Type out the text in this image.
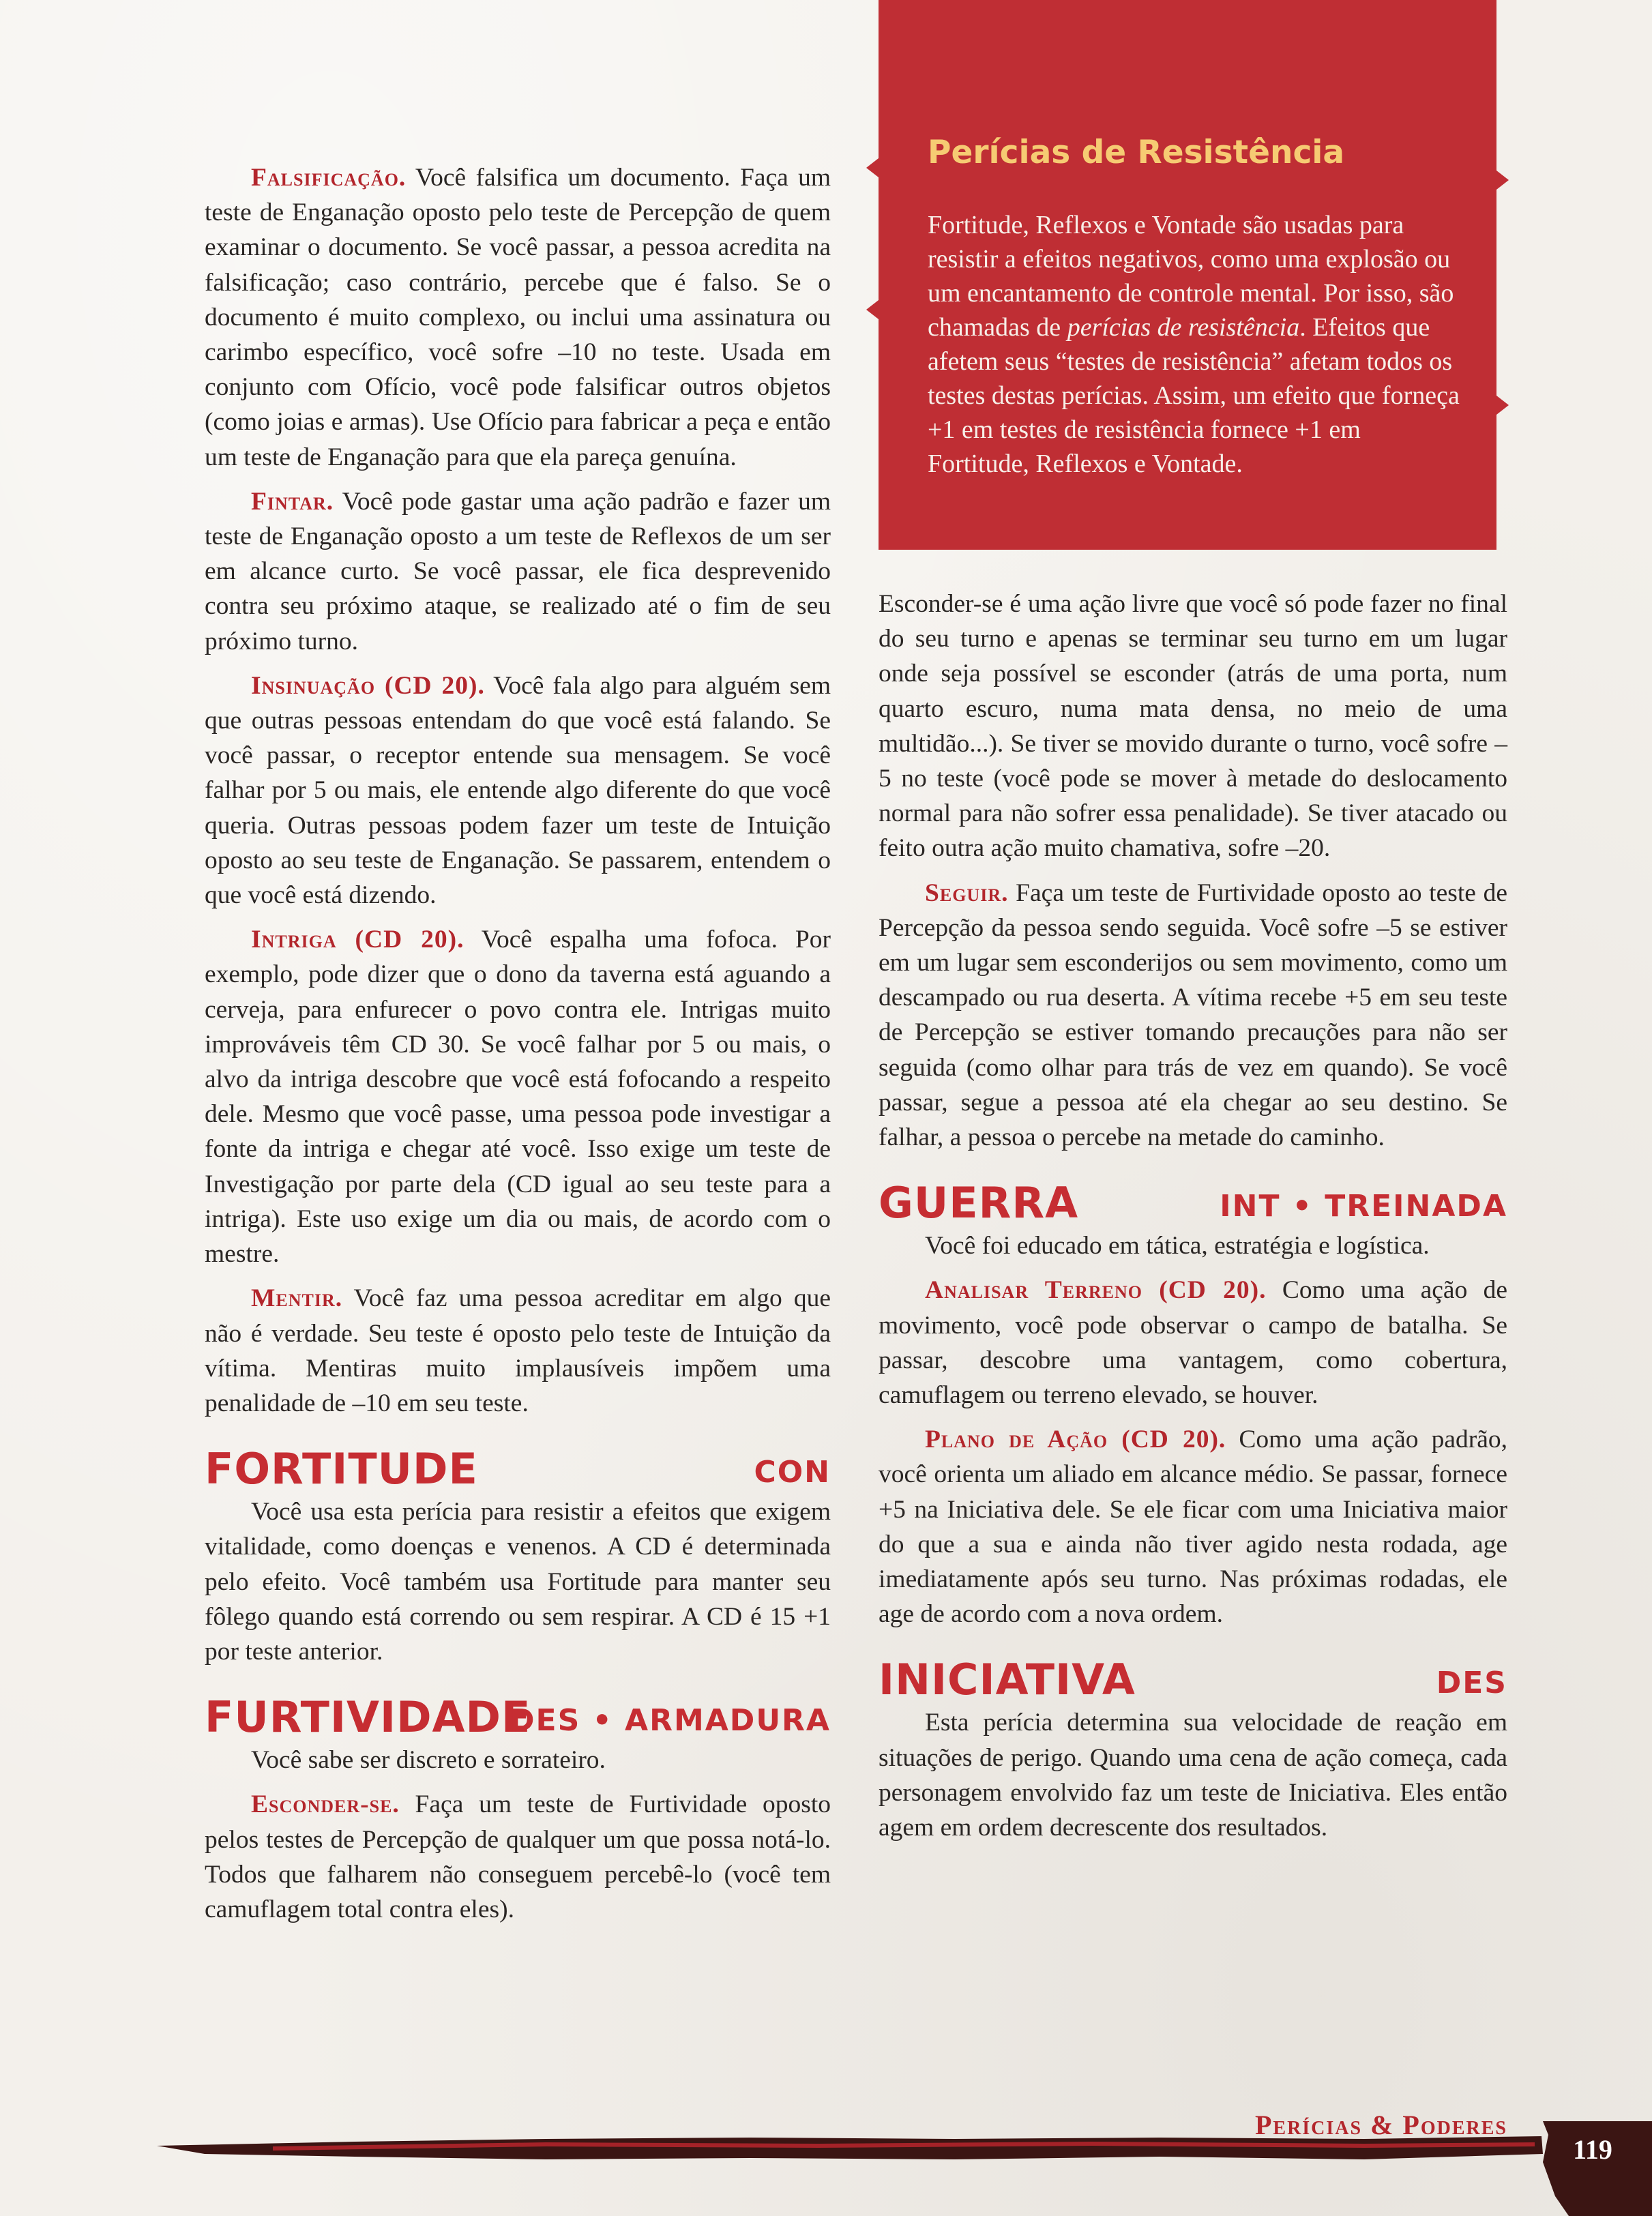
Perícias de Resistência

Fortitude, Reflexos e Vontade são usadas para resistir a efeitos negativos, como uma explosão ou um encantamento de controle mental. Por isso, são chamadas de perícias de resistência. Efeitos que afetem seus “testes de resistência” afetam todos os testes destas perícias. Assim, um efeito que forneça +1 em testes de resistência fornece +1 em Fortitude, Reflexos e Vontade.

Falsificação. Você falsifica um documento. Faça um teste de Enganação oposto pelo teste de Percepção de quem examinar o documento. Se você passar, a pessoa acredita na falsificação; caso contrário, percebe que é falso. Se o documento é muito complexo, ou inclui uma assinatura ou carimbo específico, você sofre –10 no teste. Usada em conjunto com Ofício, você pode falsificar outros objetos (como joias e armas). Use Ofício para fabricar a peça e então um teste de Enganação para que ela pareça genuína.

Fintar. Você pode gastar uma ação padrão e fazer um teste de Enganação oposto a um teste de Reflexos de um ser em alcance curto. Se você passar, ele fica desprevenido contra seu próximo ataque, se realizado até o fim de seu próximo turno.

Insinuação (CD 20). Você fala algo para alguém sem que outras pessoas entendam do que você está falando. Se você passar, o receptor entende sua mensagem. Se você falhar por 5 ou mais, ele entende algo diferente do que você queria. Outras pessoas podem fazer um teste de Intuição oposto ao seu teste de Enganação. Se passarem, entendem o que você está dizendo.

Intriga (CD 20). Você espalha uma fofoca. Por exemplo, pode dizer que o dono da taverna está aguando a cerveja, para enfurecer o povo contra ele. Intrigas muito improváveis têm CD 30. Se você falhar por 5 ou mais, o alvo da intriga descobre que você está fofocando a respeito dele. Mesmo que você passe, uma pessoa pode investigar a fonte da intriga e chegar até você. Isso exige um teste de Investigação por parte dela (CD igual ao seu teste para a intriga). Este uso exige um dia ou mais, de acordo com o mestre.

Mentir. Você faz uma pessoa acreditar em algo que não é verdade. Seu teste é oposto pelo teste de Intuição da vítima. Mentiras muito implausíveis impõem uma penalidade de –10 em seu teste.

FORTITUDE	CON

Você usa esta perícia para resistir a efeitos que exigem vitalidade, como doenças e venenos. A CD é determinada pelo efeito. Você também usa Fortitude para manter seu fôlego quando está correndo ou sem respirar. A CD é 15 +1 por teste anterior.

FURTIVIDADE
DES • ARMADURA

Você sabe ser discreto e sorrateiro.

Esconder-se. Faça um teste de Furtividade oposto pelos testes de Percepção de qualquer um que possa notá-lo. Todos que falharem não conseguem percebê-lo (você tem camuflagem total contra eles).

Esconder-se é uma ação livre que você só pode fazer no final do seu turno e apenas se terminar seu turno em um lugar onde seja possível se esconder (atrás de uma porta, num quarto escuro, numa mata densa, no meio de uma multidão...). Se tiver se movido durante o turno, você sofre –5 no teste (você pode se mover à metade do deslocamento normal para não sofrer essa penalidade). Se tiver atacado ou feito outra ação muito chamativa, sofre –20.

Seguir. Faça um teste de Furtividade oposto ao teste de Percepção da pessoa sendo seguida. Você sofre –5 se estiver em um lugar sem esconderijos ou sem movimento, como um descampado ou rua deserta. A vítima recebe +5 em seu teste de Percepção se estiver tomando precauções para não ser seguida (como olhar para trás de vez em quando). Se você passar, segue a pessoa até ela chegar ao seu destino. Se falhar, a pessoa o percebe na metade do caminho.

GUERRA	INT • TREINADA

Você foi educado em tática, estratégia e logística.

Analisar Terreno (CD 20). Como uma ação de movimento, você pode observar o campo de batalha. Se passar, descobre uma vantagem, como cobertura, camuflagem ou terreno elevado, se houver.

Plano de Ação (CD 20). Como uma ação padrão, você orienta um aliado em alcance médio. Se passar, fornece +5 na Iniciativa dele. Se ele ficar com uma Iniciativa maior do que a sua e ainda não tiver agido nesta rodada, age imediatamente após seu turno. Nas próximas rodadas, ele age de acordo com a nova ordem.

INICIATIVA	DES

Esta perícia determina sua velocidade de reação em situações de perigo. Quando uma cena de ação começa, cada personagem envolvido faz um teste de Iniciativa. Eles então agem em ordem decrescente dos resultados.

Perícias & Poderes
119
